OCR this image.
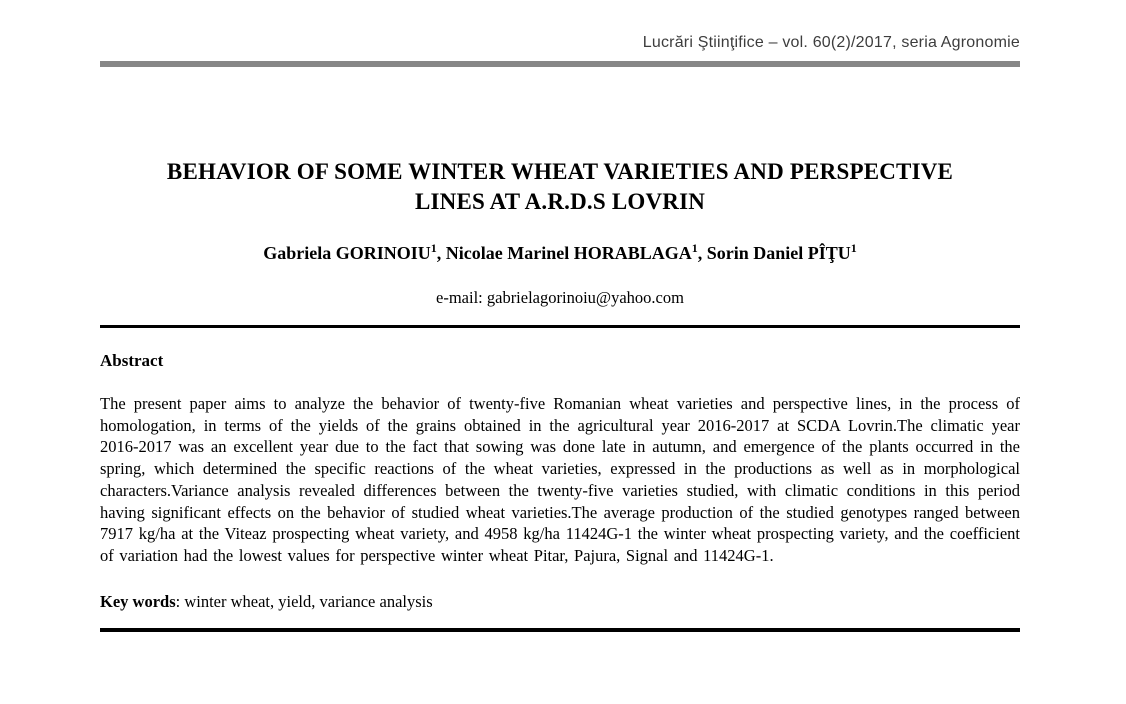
Lucrări Ştiinţifice – vol. 60(2)/2017, seria Agronomie
BEHAVIOR OF SOME WINTER WHEAT VARIETIES AND PERSPECTIVE
LINES AT A.R.D.S LOVRIN
Gabriela GORINOIU$^1$, Nicolae Marinel HORABLAGA$^1$, Sorin Daniel PÎŢU$^1$
e-mail: gabrielagorinoiu@yahoo.com
Abstract
The present paper aims to analyze the behavior of twenty-five Romanian wheat varieties and perspective lines, in the process of homologation, in terms of the yields of the grains obtained in the agricultural year 2016-2017 at SCDA Lovrin.The climatic year 2016-2017 was an excellent year due to the fact that sowing was done late in autumn, and emergence of the plants occurred in the spring, which determined the specific reactions of the wheat varieties, expressed in the productions as well as in morphological characters.Variance analysis revealed differences between the twenty-five varieties studied, with climatic conditions in this period having significant effects on the behavior of studied wheat varieties.The average production of the studied genotypes ranged between 7917 kg/ha at the Viteaz prospecting wheat variety, and 4958 kg/ha 11424G-1 the winter wheat prospecting variety, and the coefficient of variation had the lowest values for perspective winter wheat Pitar, Pajura, Signal and 11424G-1.
Key words: winter wheat, yield, variance analysis
